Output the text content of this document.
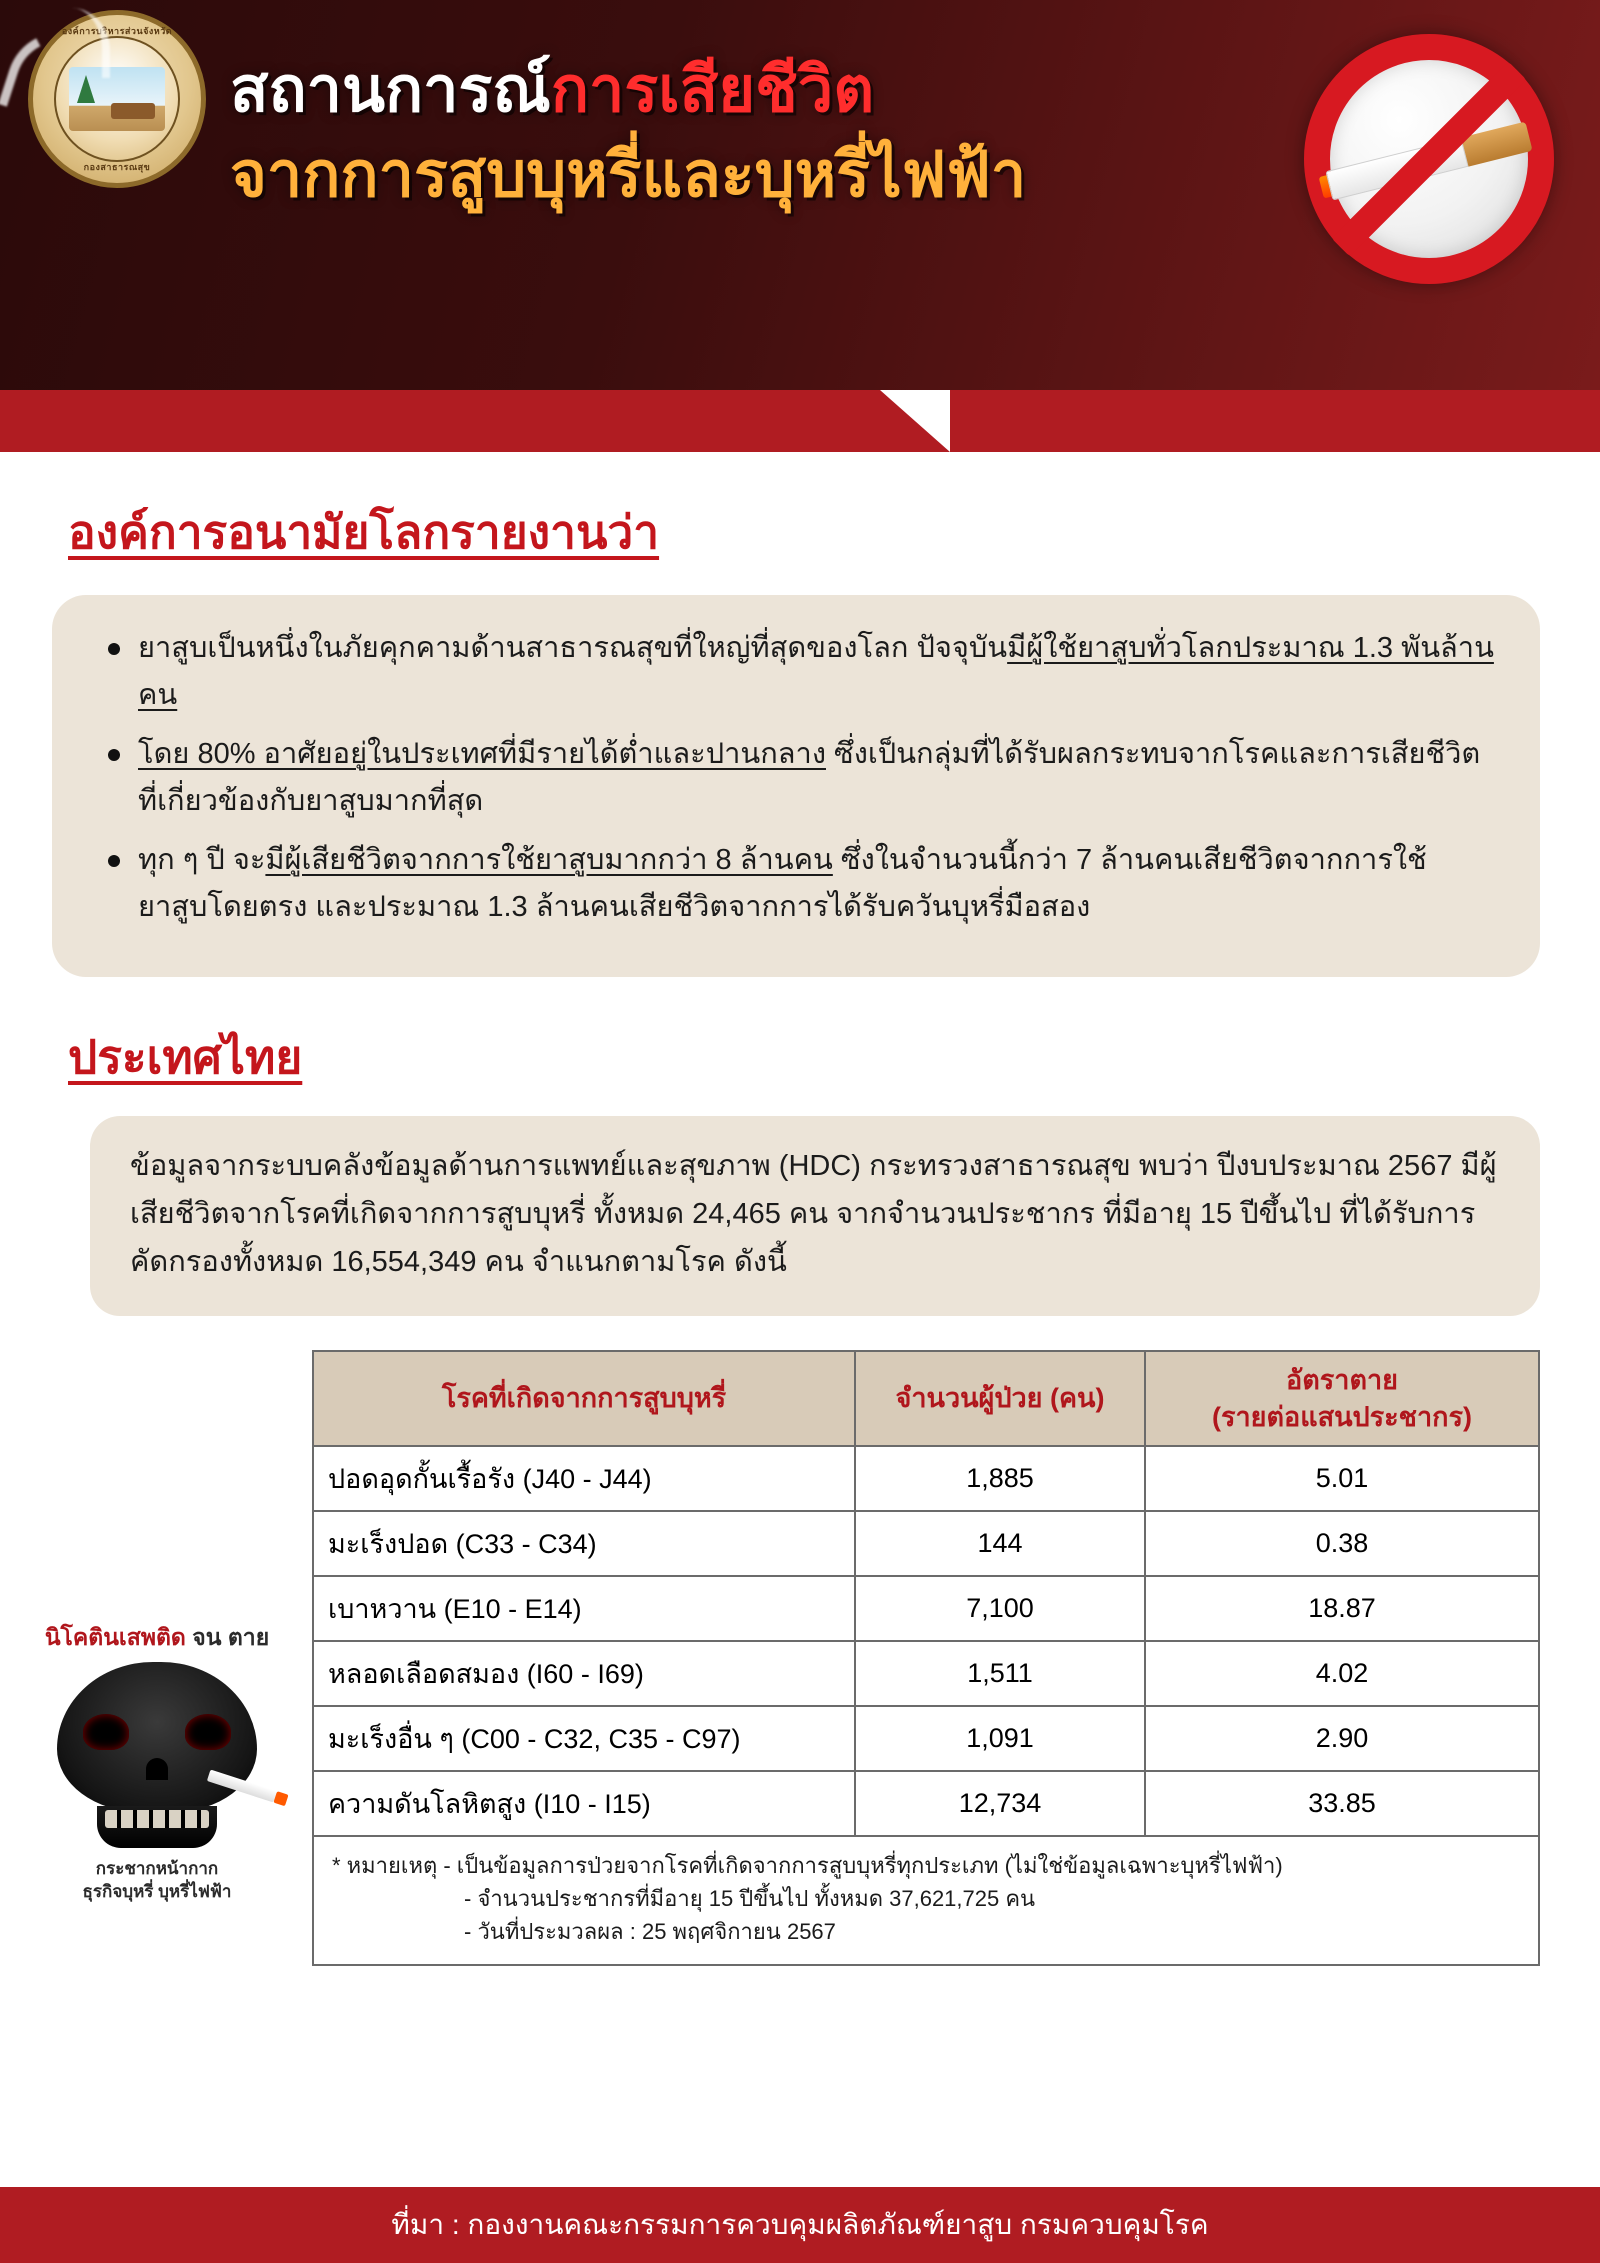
องค์การบริหารส่วนจังหวัด
กองสาธารณสุข
สถานการณ์การเสียชีวิต
จากการสูบบุหรี่และบุหรี่ไฟฟ้า
องค์การอนามัยโลกรายงานว่า
ยาสูบเป็นหนึ่งในภัยคุกคามด้านสาธารณสุขที่ใหญ่ที่สุดของโลก ปัจจุบันมีผู้ใช้ยาสูบทั่วโลกประมาณ 1.3 พันล้านคน
โดย 80% อาศัยอยู่ในประเทศที่มีรายได้ต่ำและปานกลาง ซึ่งเป็นกลุ่มที่ได้รับผลกระทบจากโรคและการเสียชีวิตที่เกี่ยวข้องกับยาสูบมากที่สุด
ทุก ๆ ปี จะมีผู้เสียชีวิตจากการใช้ยาสูบมากกว่า 8 ล้านคน ซึ่งในจำนวนนี้กว่า 7 ล้านคนเสียชีวิตจากการใช้ยาสูบโดยตรง และประมาณ 1.3 ล้านคนเสียชีวิตจากการได้รับควันบุหรี่มือสอง
ประเทศไทย
ข้อมูลจากระบบคลังข้อมูลด้านการแพทย์และสุขภาพ (HDC) กระทรวงสาธารณสุข พบว่า ปีงบประมาณ 2567 มีผู้เสียชีวิตจากโรคที่เกิดจากการสูบบุหรี่ ทั้งหมด 24,465 คน จากจำนวนประชากร ที่มีอายุ 15 ปีขึ้นไป ที่ได้รับการคัดกรองทั้งหมด 16,554,349 คน จำแนกตามโรค ดังนี้
โรคที่เกิดจากการสูบบุหรี่	จำนวนผู้ป่วย (คน)	อัตราตาย
(รายต่อแสนประชากร)

ปอดอุดกั้นเรื้อรัง (J40 - J44)	1,885	5.01
มะเร็งปอด (C33 - C34)	144	0.38
เบาหวาน (E10 - E14)	7,100	18.87
หลอดเลือดสมอง (I60 - I69)	1,511	4.02
มะเร็งอื่น ๆ (C00 - C32, C35 - C97)	1,091	2.90
ความดันโลหิตสูง (I10 - I15)	12,734	33.85
* หมายเหตุ - เป็นข้อมูลการป่วยจากโรคที่เกิดจากการสูบบุหรี่ทุกประเภท (ไม่ใช่ข้อมูลเฉพาะบุหรี่ไฟฟ้า)
- จำนวนประชากรที่มีอายุ 15 ปีขึ้นไป ทั้งหมด 37,621,725 คน
- วันที่ประมวลผล : 25 พฤศจิกายน 2567
นิโคตินเสพติด จน ตาย
กระชากหน้ากาก
ธุรกิจบุหรี่ บุหรี่ไฟฟ้า
ที่มา : กองงานคณะกรรมการควบคุมผลิตภัณฑ์ยาสูบ กรมควบคุมโรค
